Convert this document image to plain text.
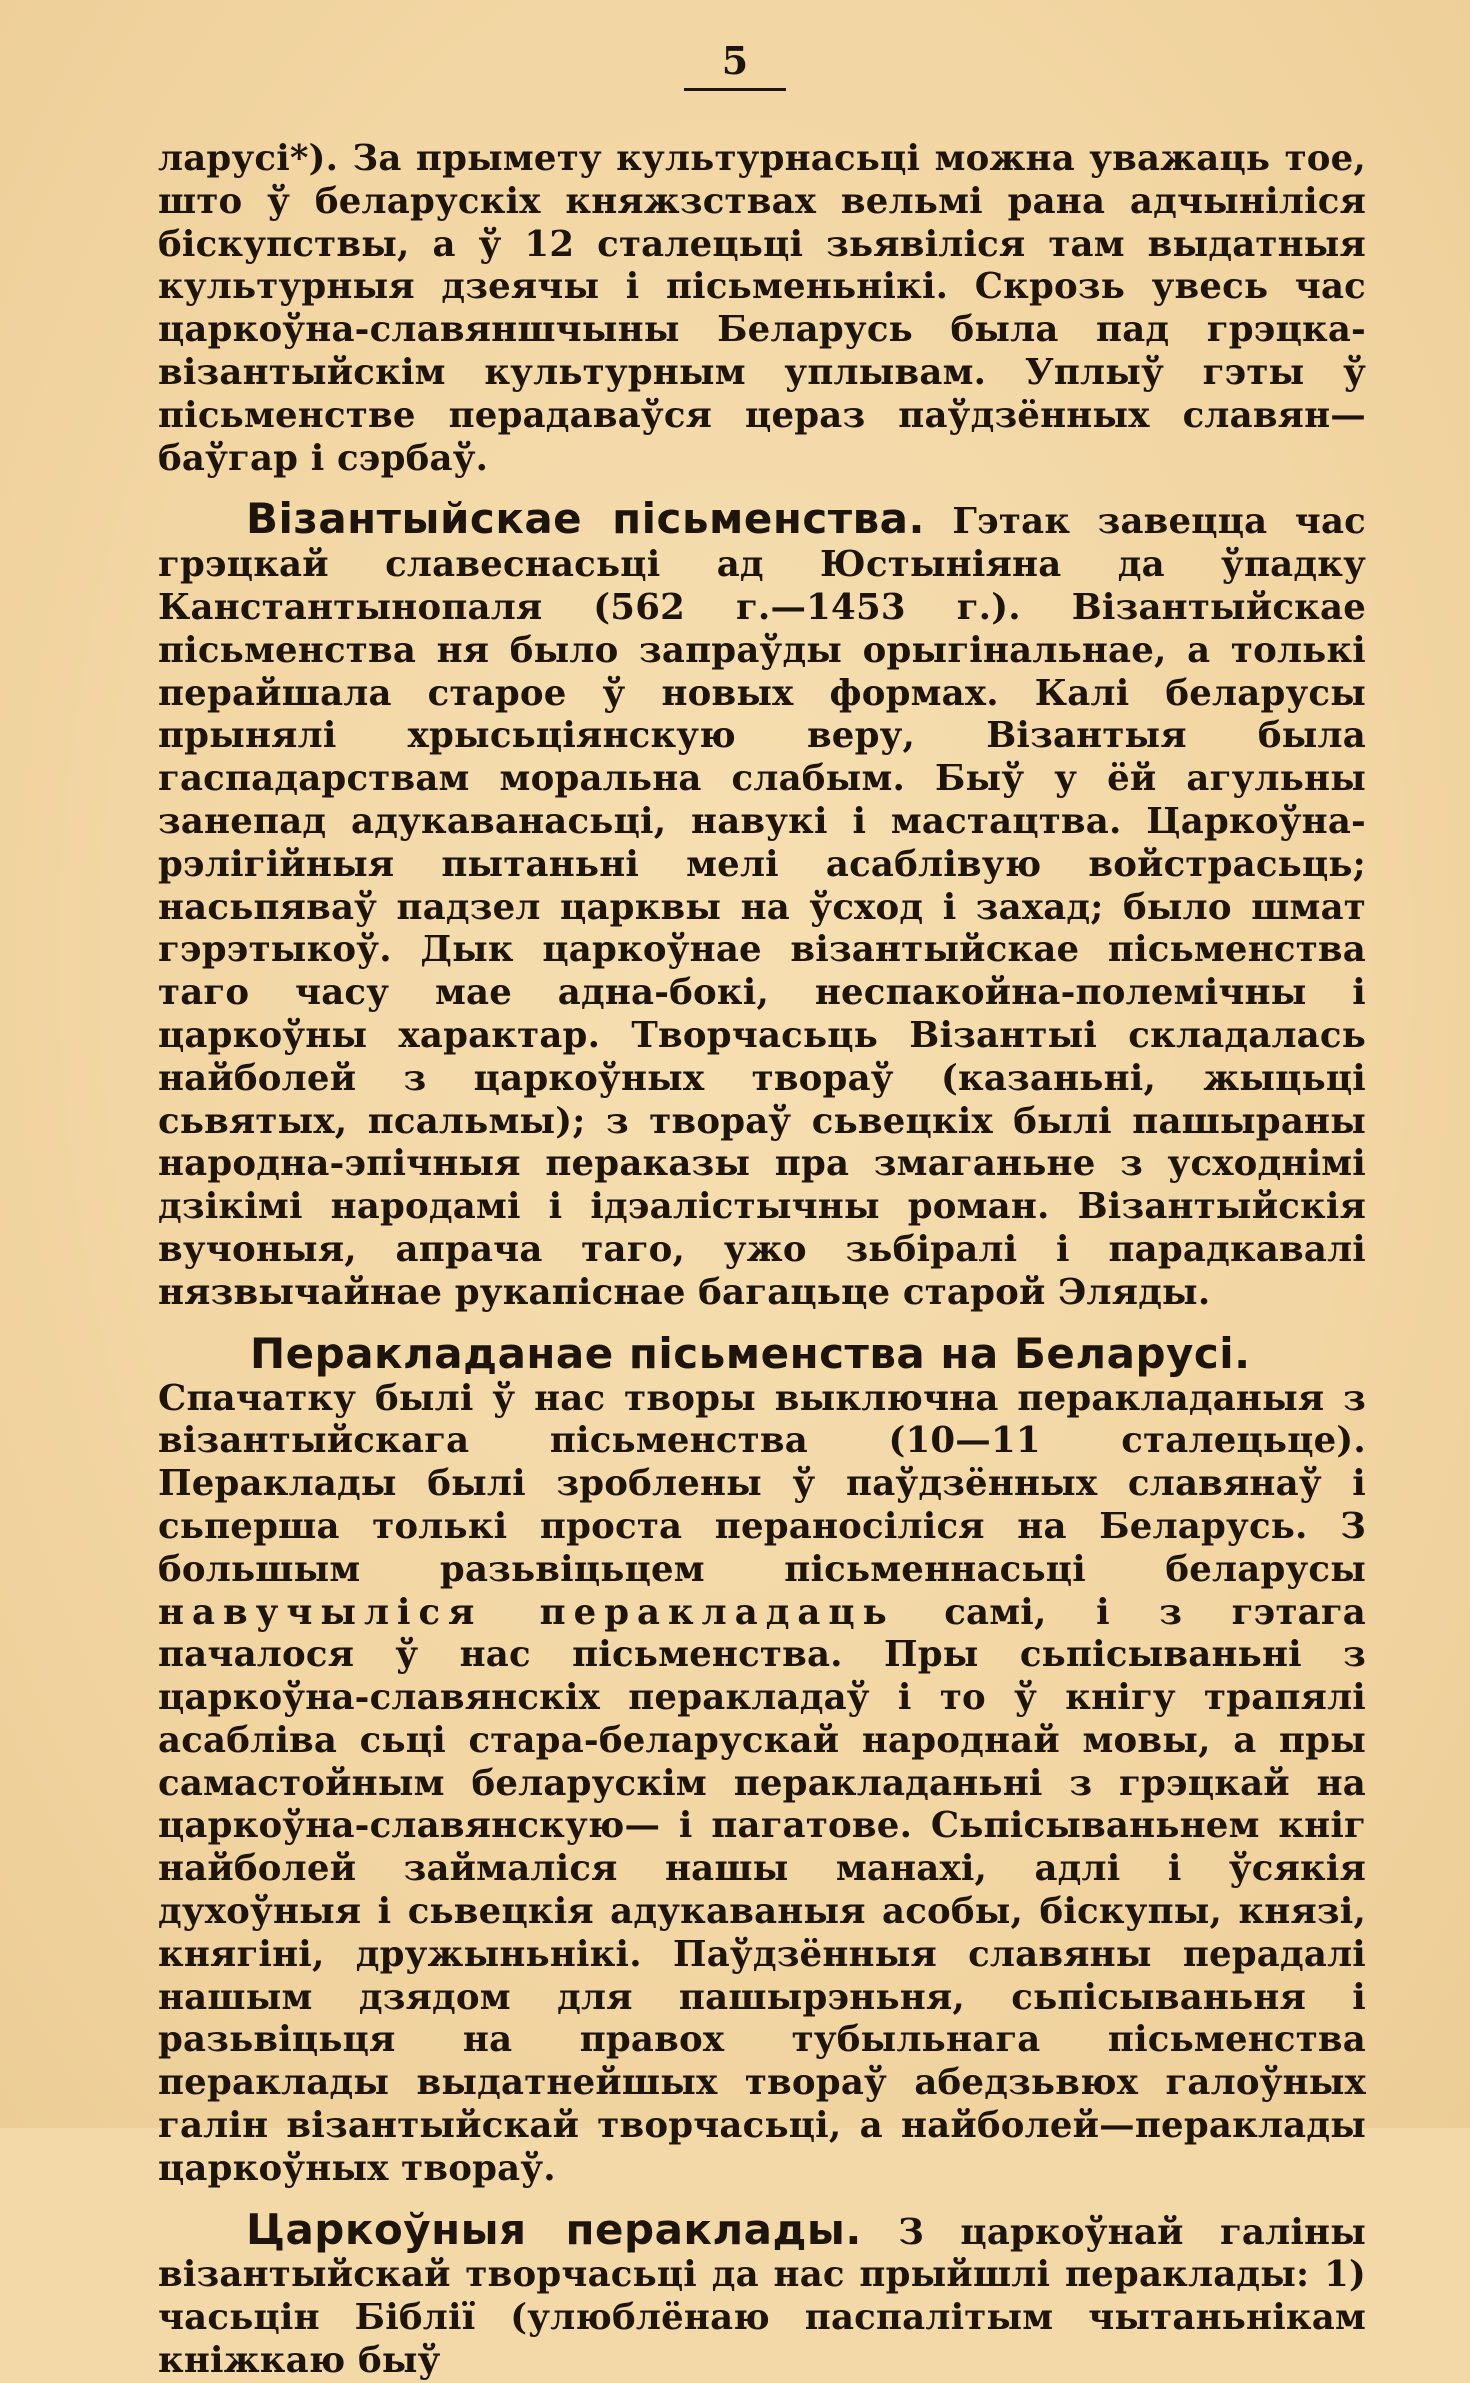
5

ларусі*). За прымету культурнасьці можна уважаць тое, што ў беларускіх княжзствах вельмі рана адчыніліся біскупствы, а ў 12 сталецьці зьявіліся там выдатныя культурныя дзеячы і пісьменьнікі. Скрозь увесь час царкоўна-славяншчыны Беларусь была пад грэцка-візантыйскім культурным уплывам. Уплыў гэты ў пісьменстве перадаваўся цераз паўдзённых славян—баўгар і сэрбаў.

Візантыйскае пісьменства. Гэтак завецца час грэцкай славеснасьці ад Юстыніяна да ўпадку Канстантынопаля (562 г.—1453 г.). Візантыйскае пісьменства ня было запраўды орыгінальнае, а толькі перайшала старое ў новых формах. Калі беларусы прынялі хрысьціянскую веру, Візантыя была гаспадарствам моральна слабым. Быў у ёй агульны занепад адукаванасьці, навукі і мастацтва. Царкоўна-рэлігійныя пытаньні мелі асаблівую войстрасьць; насьпяваў падзел царквы на ўсход і захад; было шмат гэрэтыкоў. Дык царкоўнае візантыйскае пісьменства таго часу мае адна-бокі, неспакойна-полемічны і царкоўны характар. Творчасьць Візантыі складалась найболей з царкоўных твораў (казаньні, жыцьці сьвятых, псальмы); з твораў сьвецкіх былі пашыраны народна-эпічныя пераказы пра змаганьне з усходнімі дзікімі народамі і ідэалістычны роман. Візантыйскія вучоныя, апрача таго, ужо зьбіралі і парадкавалі нязвычайнае рукапіснае багацьце старой Эляды.

Перакладанае пісьменства на Беларусі.

Спачатку былі ў нас творы выключна перакладаныя з візантыйскага пісьменства (10—11 сталецьце). Пераклады былі зроблены ў паўдзённых славянаў і сьперша толькі проста пераносіліся на Беларусь. З большым разьвіцьцем пісьменнасьці беларусы навучыліся перакладаць самі, і з гэтага пачалося ў нас пісьменства. Пры сьпісываньні з царкоўна-славянскіх перакладаў і то ў кнігу трапялі асабліва сьці стара-беларускай народнай мовы, а пры самастойным беларускім перакладаньні з грэцкай на царкоўна-славянскую— і пагатове. Сьпісываньнем кніг найболей займаліся нашы манахі, адлі і ўсякія духоўныя і сьвецкія адукаваныя асобы, біскупы, князі, княгіні, дружыньнікі. Паўдзённыя славяны перадалі нашым дзядом для пашырэньня, сьпісываньня і разьвіцьця на правох тубыльнага пісьменства пераклады выдатнейшых твораў абедзьвюх галоўных галін візантыйскай творчасьці, а найболей—пераклады царкоўных твораў.

Царкоўныя пераклады. З царкоўнай галіны візантыйскай творчасьці да нас прыйшлі пераклады: 1) часьцін Біблії (улюблёнаю паспалітым чытаньнікам кніжкаю быў
